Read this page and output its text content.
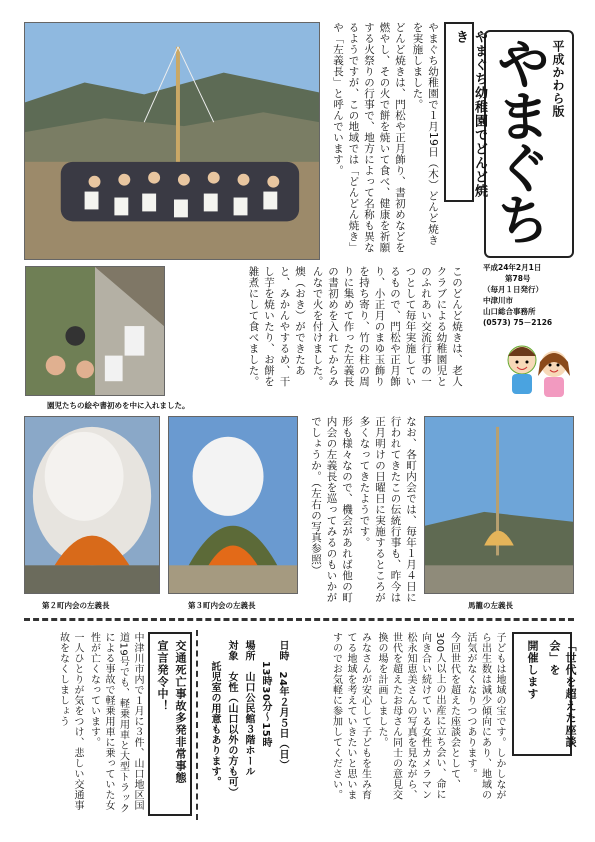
平成かわら版
やまぐち
平成24年2月1日
第78号
（毎月１日発行）
中津川市
山口総合事務所
(0573) 75－2126
やまぐち幼稚園でどんど焼き

やまぐち幼稚園で１月19日（木）どんど焼きを実施しました。

どんど焼きは、門松や正月飾り、書初めなどを燃やし、その火で餅を焼いて食べ、健康を祈願する火祭りの行事で、地方によって名称も異なるようですが、この地域では「どんどん焼き」や「左義長」と呼んでいます。

園児たちの絵や書初めを中に入れました。

このどんど焼きは、老人クラブによる幼稚園児とのふれあい交流行事の一つとして毎年実施しているもので、門松や正月飾り、小正月のまゆ玉飾りを持ち寄り、竹の柱の周りに集めて作った左義長の書初めを入れてからみんなで火を付けました。

燠（おき）ができたあと、みかんやするめ、干し芋を焼いたり、お餅を雑煮にして食べました。

第２町内会の左義長	第３町内会の左義長

なお、各町内会では、毎年１月４日に行われてきたこの伝統行事も、昨今は正月明けの日曜日に実施するところが多くなってきたようです。

形も様々なので、機会があれば他の町内会の左義長を巡ってみるのもいかがでしょうか。（左右の写真参照）

馬籠の左義長
「世代を超えた座談会」を
開催します

子どもは地域の宝です。しかしながら出生数は減少傾向にあり、地域の活気がなくなりつつあります。

今回世代を超えた座談会として、300人以上の出産に立ち会い、命に向き合い続けている女性カメラマン松永知恵美さんの写真を見ながら、世代を超えたお母さん同士の意見交換の場を計画しました。

みなさんが安心して子どもを生み育てる地域を考えていきたいと思いますのでお気軽に参加してください。

日時　24年２月５日（日）

　　13時30分～15時

場所　山口公民館３階ホール

対象　女性（山口以外の方も可）

　　託児室の用意もあります。

交通死亡事故多発非常事態
宣言発令中！

中津川市内で１月に３件、山口地区国道19号でも、軽乗用車と大型トラックによる事故で軽乗用車に乗っていた女性が亡くなっています。

一人ひとりが気をつけ、悲しい交通事故をなくしましょう
